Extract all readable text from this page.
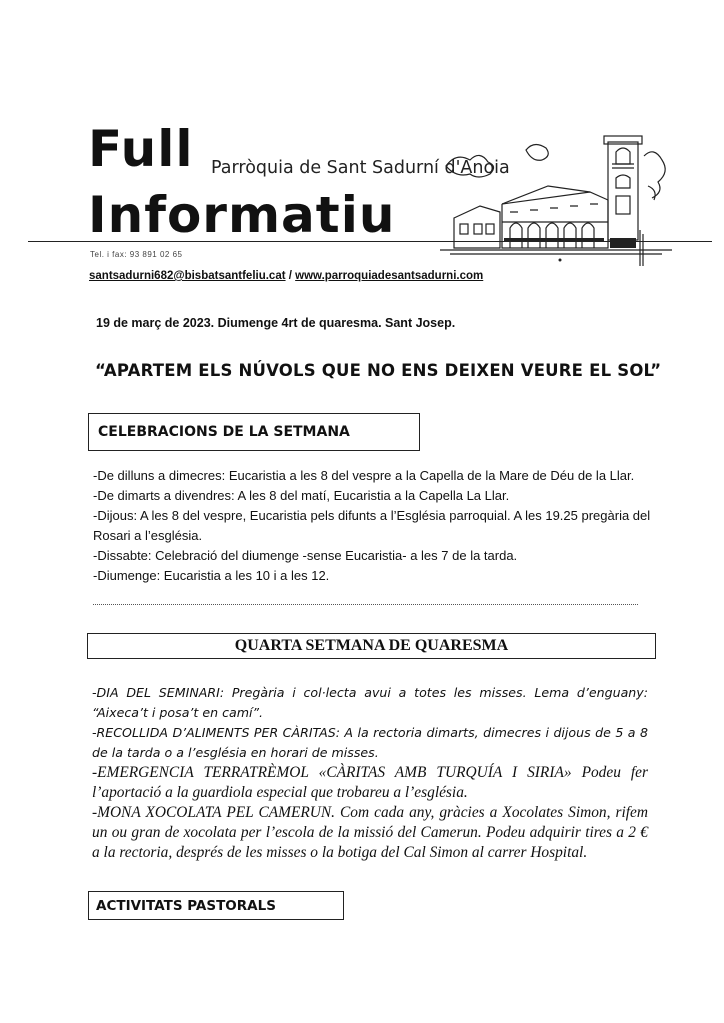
Full Parròquia de Sant Sadurní d'Anoia
Informatiu
Tel. i fax: 93 891 02 65
santsadurni682@bisbatsantfeliu.cat / www.parroquiadesantsadurni.com
19 de març de 2023. Diumenge 4rt de quaresma. Sant Josep.
“APARTEM ELS NÚVOLS QUE NO ENS DEIXEN VEURE EL SOL”
CELEBRACIONS DE LA SETMANA
-De dilluns a dimecres: Eucaristia a les 8 del vespre a la Capella de la Mare de Déu de la Llar.
-De dimarts a divendres: A les 8 del matí, Eucaristia a la Capella La Llar.
-Dijous: A les 8 del vespre, Eucaristia pels difunts a l’Església parroquial. A les 19.25 pregària del Rosari a l’església.
-Dissabte: Celebració del diumenge -sense Eucaristia- a les 7 de la tarda.
-Diumenge: Eucaristia a les 10 i a les 12.
QUARTA SETMANA DE QUARESMA
-DIA DEL SEMINARI: Pregària i col·lecta avui a totes les misses. Lema d’enguany: “Aixeca’t i posa’t en camí”.
-RECOLLIDA D’ALIMENTS PER CÀRITAS: A la rectoria dimarts, dimecres i dijous de 5 a 8 de la tarda o a l’església en horari de misses.
-EMERGENCIA TERRATRÈMOL «CÀRITAS AMB TURQUÍA I SIRIA» Podeu fer l’aportació a la guardiola especial que trobareu a l’església.
-MONA XOCOLATA PEL CAMERUN. Com cada any, gràcies a Xocolates Simon, rifem un ou gran de xocolata per l’escola de la missió del Camerun. Podeu adquirir tires a 2 € a la rectoria, després de les misses o la botiga del Cal Simon al carrer Hospital.
ACTIVITATS PASTORALS
